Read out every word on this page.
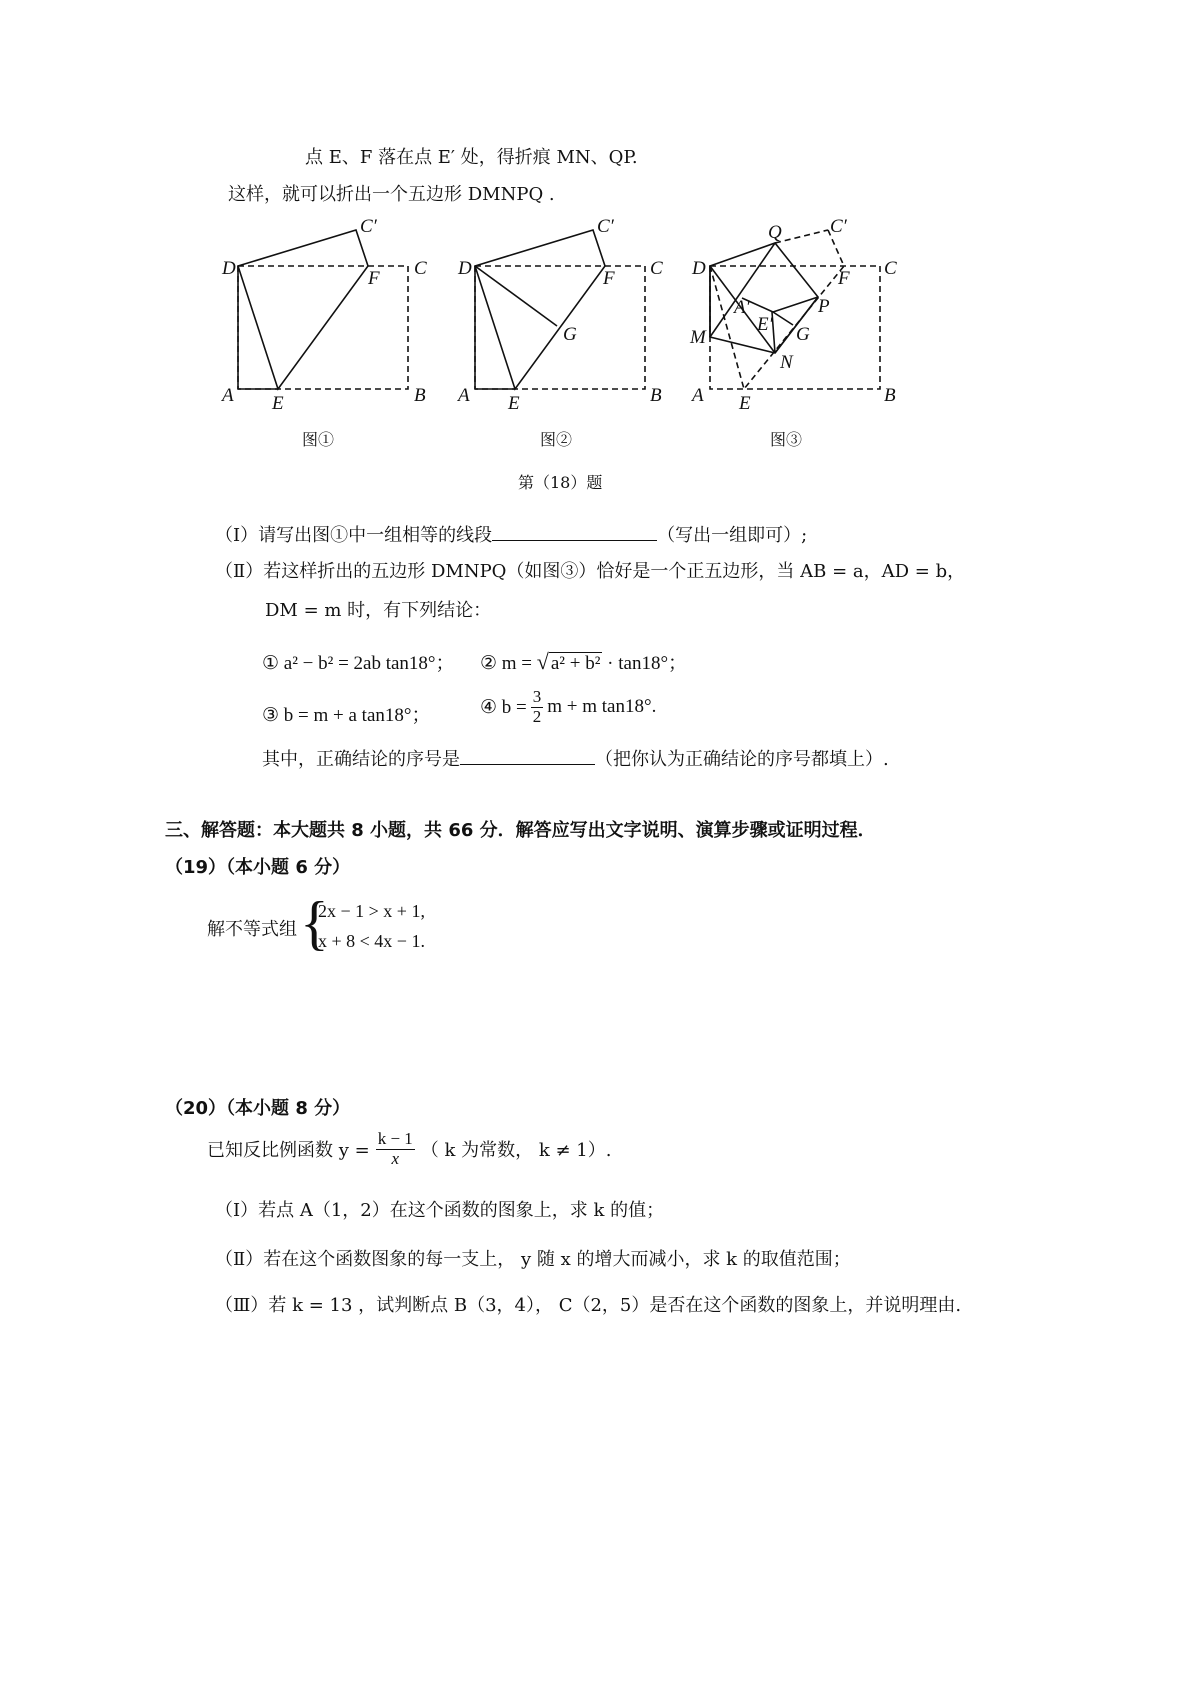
点 E、F 落在点 E′ 处，得折痕 MN、QP.
这样，就可以折出一个五边形 DMNPQ .
D	C
C′
F
A E	B
D	C
C′
F
G
A E	B
D	C
Q	C′
F
A′	P
E′ G
M
N
A E	B
图①	图②	图③
第（18）题
（Ⅰ）请写出图①中一组相等的线段	（写出一组即可）;
（Ⅱ）若这样折出的五边形 DMNPQ（如图③）恰好是一个正五边形，当 AB = a，AD = b，
DM = m 时，有下列结论：
① a² − b² = 2ab tan18°； ② m = √ a² + b² · tan18°；
③ b = m + a tan18°；	④ $b = \frac{3}{2}$ m + m tan18°.
其中，正确结论的序号是	（把你认为正确结论的序号都填上）.
三、解答题：本大题共 8 小题，共 66 分．解答应写出文字说明、演算步骤或证明过程．
（19）（本小题 6 分）
解不等式组 {
2x − 1 > x + 1,
x + 8 < 4x − 1.
（20）（本小题 8 分）
已知反比例函数 $y = \frac{k - 1}{x}$ （ k 为常数， k ≠ 1）.
（Ⅰ）若点 A（1，2）在这个函数的图象上，求 k 的值；
（Ⅱ）若在这个函数图象的每一支上， y 随 x 的增大而减小，求 k 的取值范围；
（Ⅲ）若 k = 13 ，试判断点 B（3，4）， C（2，5）是否在这个函数的图象上，并说明理由.
